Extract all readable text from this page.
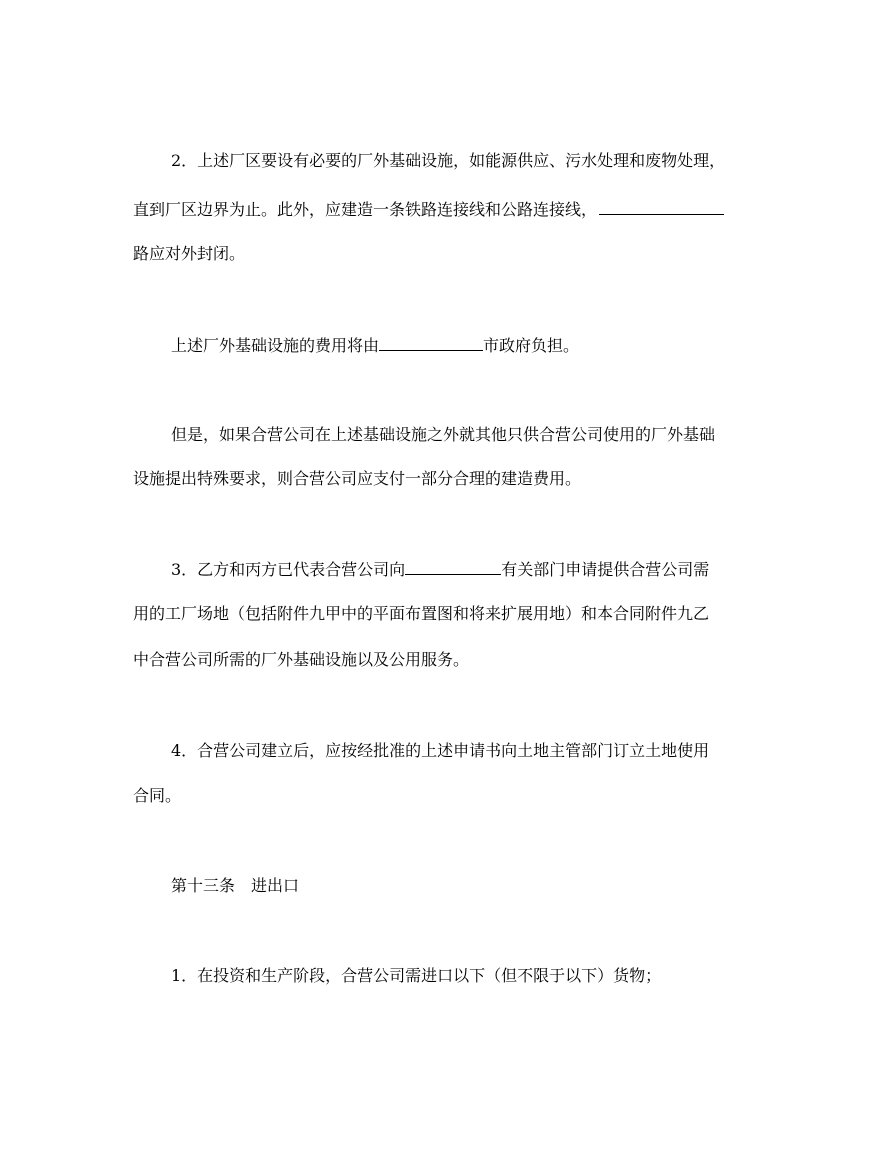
2．上述厂区要设有必要的厂外基础设施，如能源供应、污水处理和废物处理，
直到厂区边界为止。此外，应建造一条铁路连接线和公路连接线，
路应对外封闭。
上述厂外基础设施的费用将由	市政府负担。
但是，如果合营公司在上述基础设施之外就其他只供合营公司使用的厂外基础
设施提出特殊要求，则合营公司应支付一部分合理的建造费用。
3．乙方和丙方已代表合营公司向	有关部门申请提供合营公司需
用的工厂场地（包括附件九甲中的平面布置图和将来扩展用地）和本合同附件九乙
中合营公司所需的厂外基础设施以及公用服务。
4．合营公司建立后，应按经批准的上述申请书向土地主管部门订立土地使用
合同。
第十三条　进出口
1．在投资和生产阶段，合营公司需进口以下（但不限于以下）货物；
